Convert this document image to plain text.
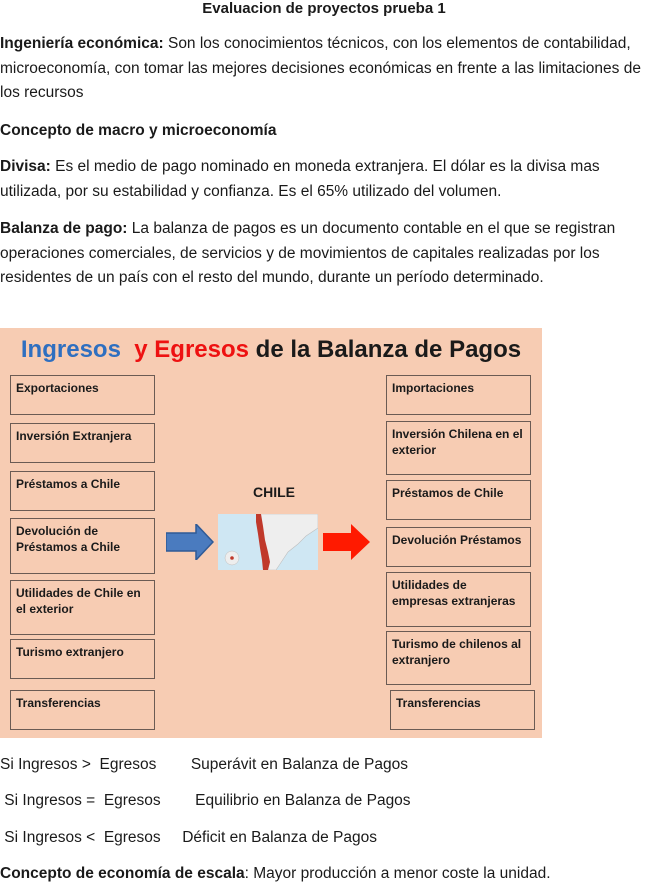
Evaluacion de proyectos prueba 1

Ingeniería económica: Son los conocimientos técnicos, con los elementos de contabilidad, microeconomía, con tomar las mejores decisiones económicas en frente a las limitaciones de los recursos

Concepto de macro y microeconomía

Divisa: Es el medio de pago nominado en moneda extranjera. El dólar es la divisa mas utilizada, por su estabilidad y confianza. Es el 65% utilizado del volumen.

Balanza de pago: La balanza de pagos es un documento contable en el que se registran operaciones comerciales, de servicios y de movimientos de capitales realizadas por los residentes de un país con el resto del mundo, durante un período determinado.

Ingresos y Egresos de la Balanza de Pagos
Exportaciones
Inversión Extranjera
Préstamos a Chile
Devolución de Préstamos a Chile
Utilidades de Chile en el exterior
Turismo extranjero
Transferencias
Importaciones
Inversión Chilena en el exterior
Préstamos de Chile
Devolución Préstamos
Utilidades de empresas extranjeras
Turismo de chilenos al extranjero
Transferencias
CHILE
Si Ingresos >  Egresos        Superávit en Balanza de Pagos
Si Ingresos =  Egresos        Equilibrio en Balanza de Pagos
Si Ingresos <  Egresos     Déficit en Balanza de Pagos

Concepto de economía de escala: Mayor producción a menor coste la unidad.
